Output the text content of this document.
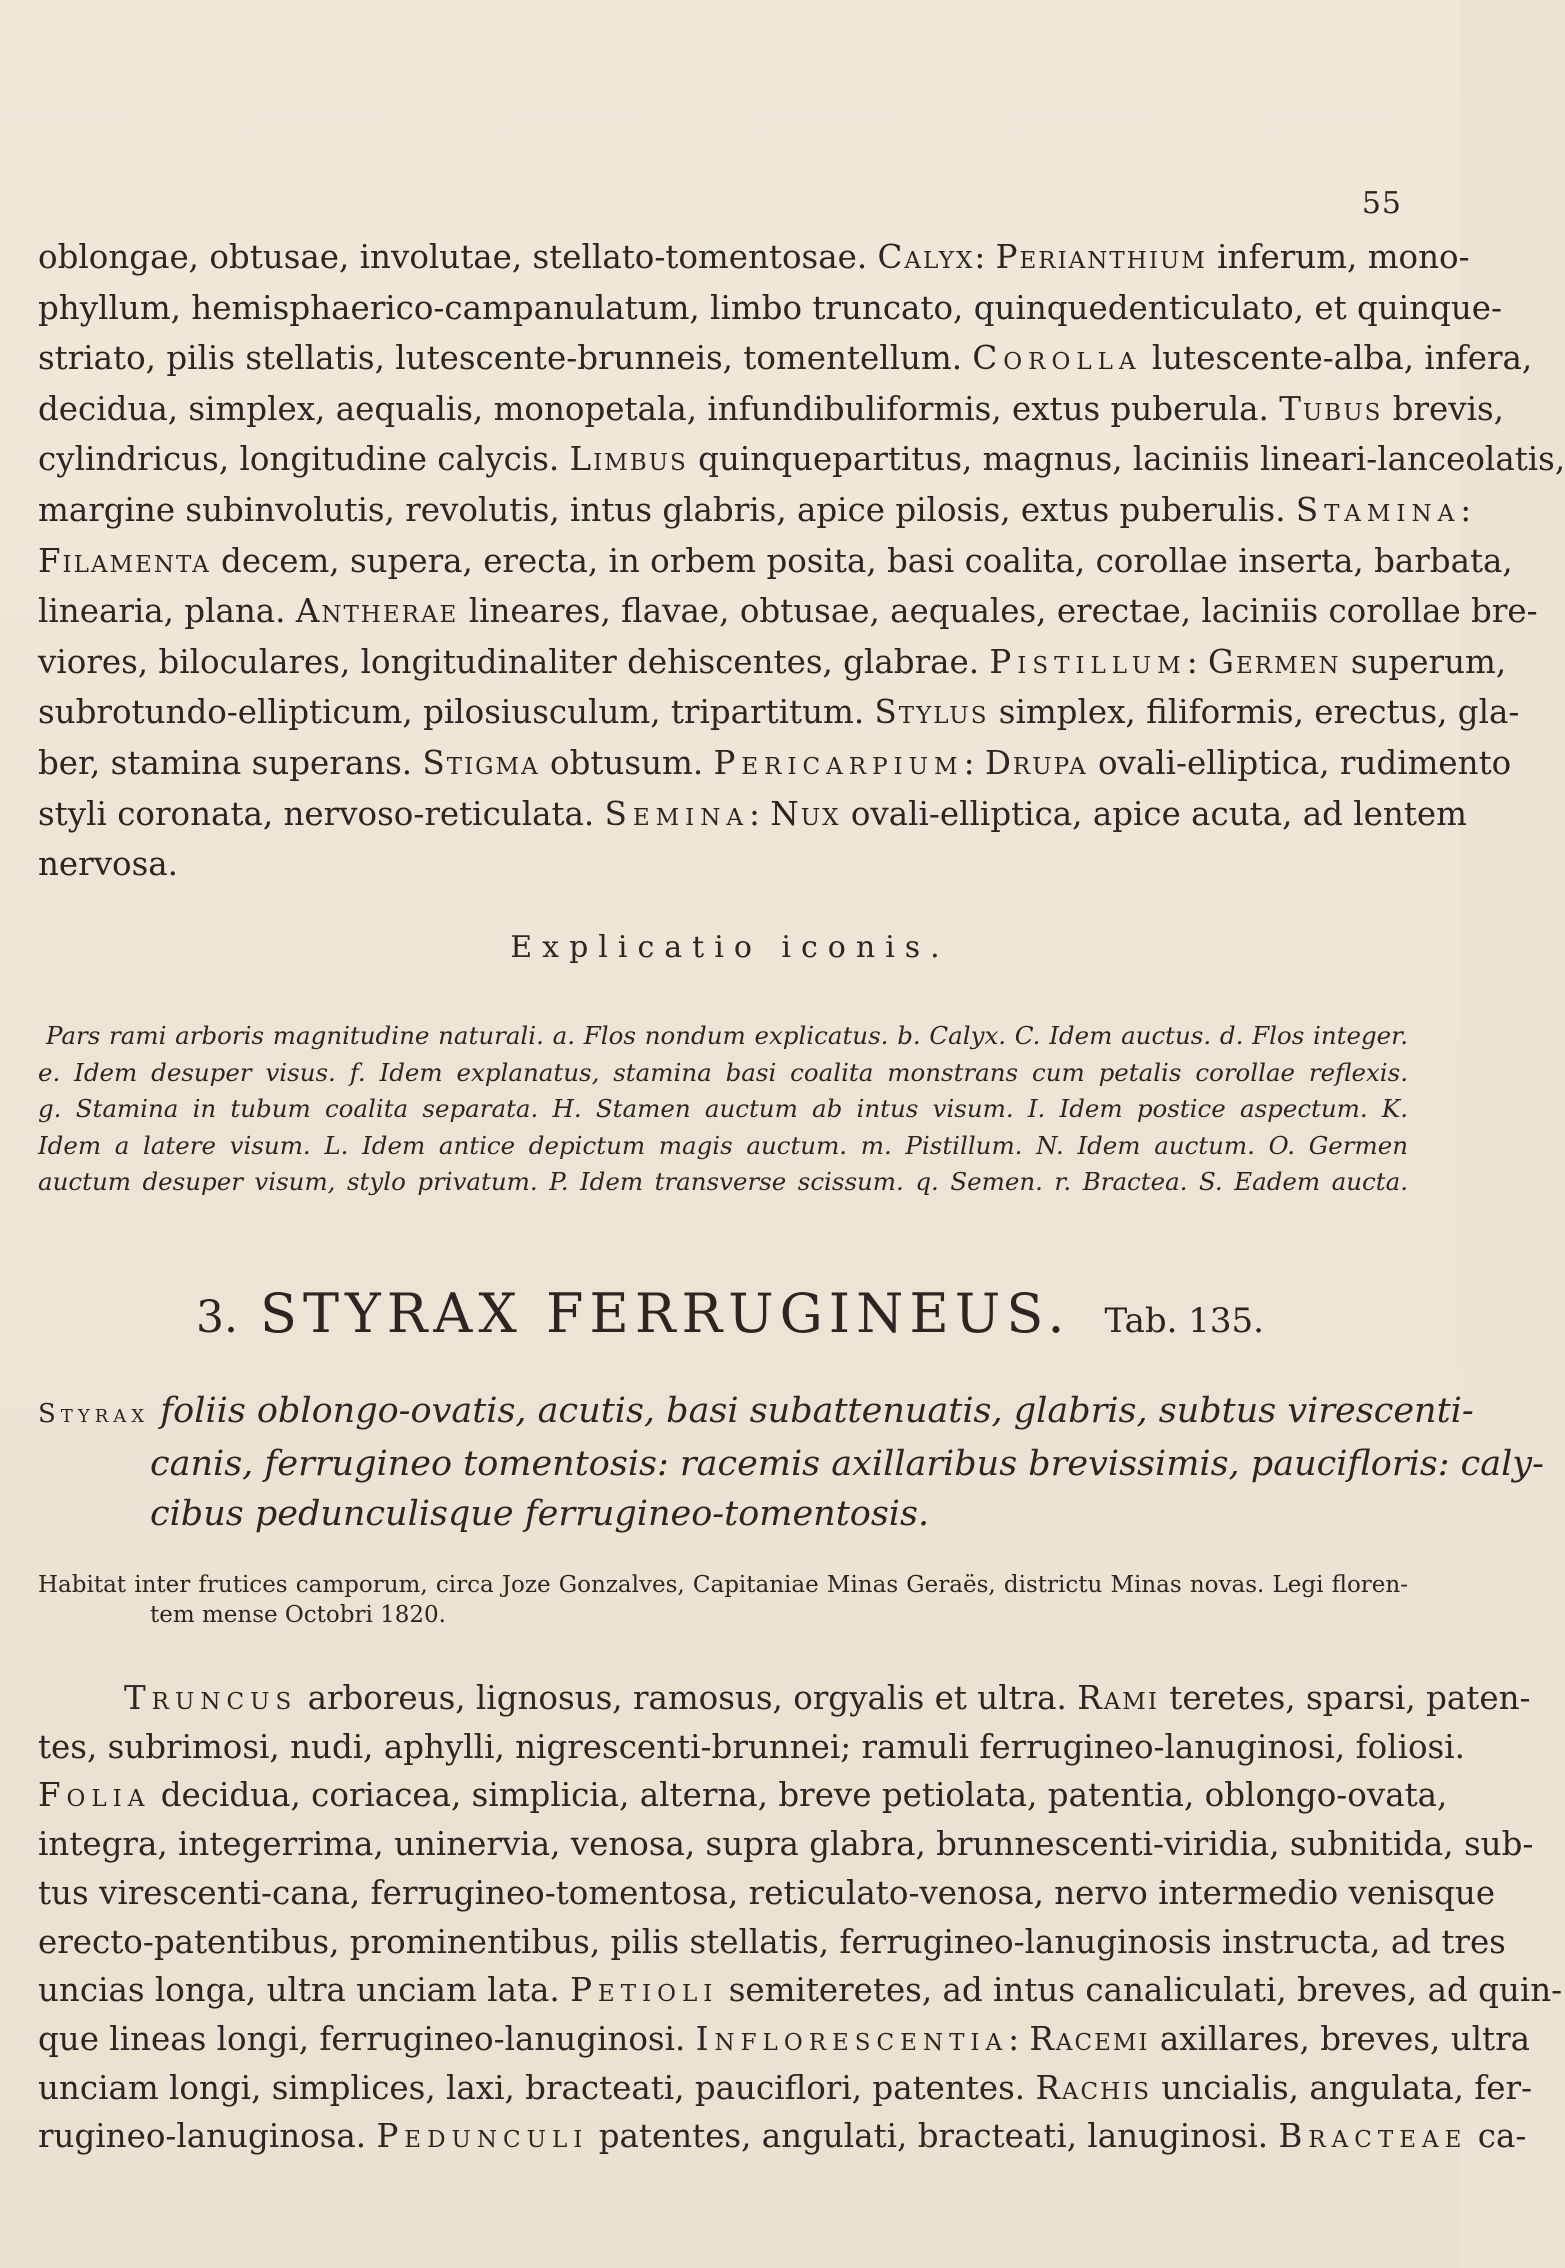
55
oblongae, obtusae, involutae, stellato-tomentosae. Calyx: Perianthium inferum, mono-
phyllum, hemisphaerico-campanulatum, limbo truncato, quinquedenticulato, et quinque-
striato, pilis stellatis, lutescente-brunneis, tomentellum. Corolla lutescente-alba, infera,
decidua, simplex, aequalis, monopetala, infundibuliformis, extus puberula. Tubus brevis,
cylindricus, longitudine calycis. Limbus quinquepartitus, magnus, laciniis lineari-lanceolatis,
margine subinvolutis, revolutis, intus glabris, apice pilosis, extus puberulis. Stamina:
Filamenta decem, supera, erecta, in orbem posita, basi coalita, corollae inserta, barbata,
linearia, plana. Antherae lineares, flavae, obtusae, aequales, erectae, laciniis corollae bre-
viores, biloculares, longitudinaliter dehiscentes, glabrae. Pistillum: Germen superum,
subrotundo-ellipticum, pilosiusculum, tripartitum. Stylus simplex, filiformis, erectus, gla-
ber, stamina superans. Stigma obtusum. Pericarpium: Drupa ovali-elliptica, rudimento
styli coronata, nervoso-reticulata. Semina: Nux ovali-elliptica, apice acuta, ad lentem
nervosa.
Explicatio iconis.
Pars rami arboris magnitudine naturali. a. Flos nondum explicatus. b. Calyx. C. Idem auctus. d. Flos integer.
e. Idem desuper visus. f. Idem explanatus, stamina basi coalita monstrans cum petalis corollae reflexis.
g. Stamina in tubum coalita separata. H. Stamen auctum ab intus visum. I. Idem postice aspectum. K.
Idem a latere visum. L. Idem antice depictum magis auctum. m. Pistillum. N. Idem auctum. O. Germen
auctum desuper visum, stylo privatum. P. Idem transverse scissum. q. Semen. r. Bractea. S. Eadem aucta.
3. STYRAX FERRUGINEUS. Tab. 135.
Styrax foliis oblongo-ovatis, acutis, basi subattenuatis, glabris, subtus virescenti-
canis, ferrugineo tomentosis: racemis axillaribus brevissimis, paucifloris: caly-
cibus pedunculisque ferrugineo-tomentosis.
Habitat inter frutices camporum, circa Joze Gonzalves, Capitaniae Minas Geraës, districtu Minas novas. Legi floren-
tem mense Octobri 1820.
Truncus arboreus, lignosus, ramosus, orgyalis et ultra. Rami teretes, sparsi, paten-
tes, subrimosi, nudi, aphylli, nigrescenti-brunnei; ramuli ferrugineo-lanuginosi, foliosi.
Folia decidua, coriacea, simplicia, alterna, breve petiolata, patentia, oblongo-ovata,
integra, integerrima, uninervia, venosa, supra glabra, brunnescenti-viridia, subnitida, sub-
tus virescenti-cana, ferrugineo-tomentosa, reticulato-venosa, nervo intermedio venisque
erecto-patentibus, prominentibus, pilis stellatis, ferrugineo-lanuginosis instructa, ad tres
uncias longa, ultra unciam lata. Petioli semiteretes, ad intus canaliculati, breves, ad quin-
que lineas longi, ferrugineo-lanuginosi. Inflorescentia: Racemi axillares, breves, ultra
unciam longi, simplices, laxi, bracteati, pauciflori, patentes. Rachis uncialis, angulata, fer-
rugineo-lanuginosa. Pedunculi patentes, angulati, bracteati, lanuginosi. Bracteae ca-
